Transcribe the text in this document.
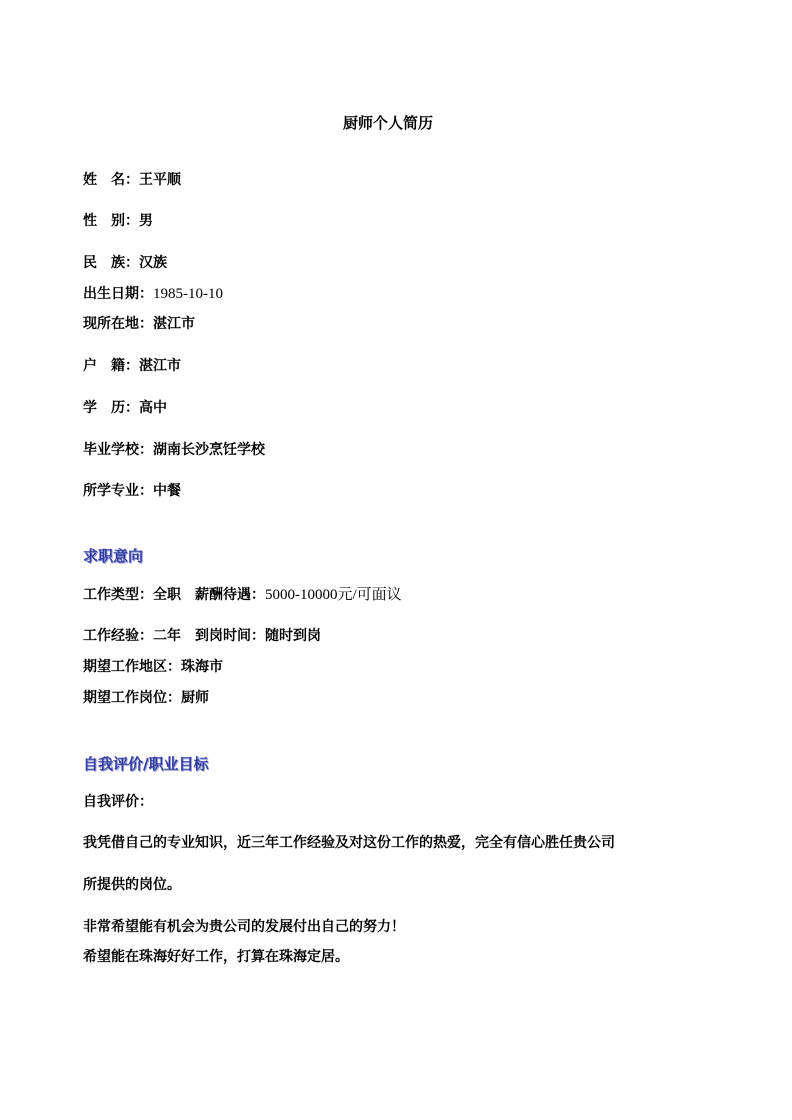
厨师个人简历
姓　名：王平顺
性　别：男
民　族：汉族
出生日期：1985-10-10
现所在地：湛江市
户　籍：湛江市
学　历：高中
毕业学校：湖南长沙烹饪学校
所学专业：中餐
求职意向
工作类型：全职 薪酬待遇：5000-10000元/可面议
工作经验：二年 到岗时间：随时到岗
期望工作地区：珠海市
期望工作岗位：厨师
自我评价/职业目标
自我评价：
我凭借自己的专业知识，近三年工作经验及对这份工作的热爱，完全有信心胜任贵公司
所提供的岗位。
非常希望能有机会为贵公司的发展付出自己的努力！
希望能在珠海好好工作，打算在珠海定居。
